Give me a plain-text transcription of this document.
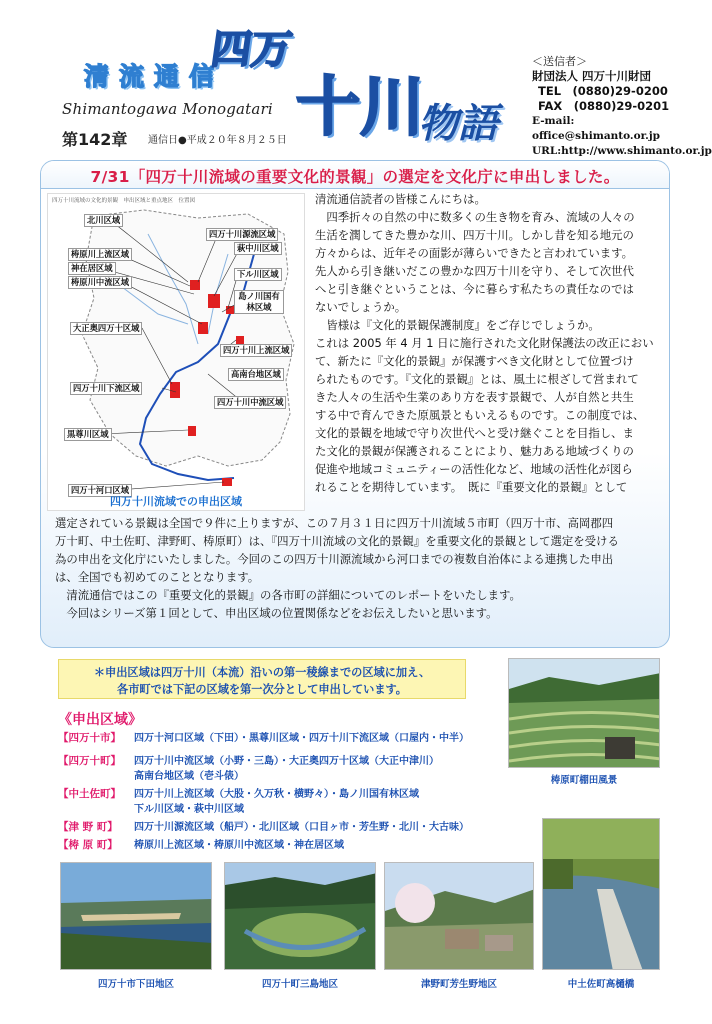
清流通信
Shimantogawa Monogatari
第142章 通信日●平成２０年８月２５日
四万
十川
物語
＜送信者＞
財団法人 四万十川財団
TEL　(0880)29-0200
FAX　(0880)29-0201
E-mail:　office@shimanto.or.jp
URL:http://www.shimanto.or.jp
7/31「四万十川流域の重要文化的景観」の選定を文化庁に申出しました。
四万十川流域の文化的景観　申出区域と重点地区　位置図
北川区域
梼原川上流区域
神在居区域
梼原川中流区域
大正奥四万十区域
四万十川下流区域
黒尊川区域
四万十河口区域
四万十川源流区域
萩中川区域
下ル川区域
島ノ川国有林区域
四万十川上流区域
高南台地区域
四万十川中流区域
四万十川流域での申出区域
清流通信読者の皆様こんにちは。
　四季折々の自然の中に数多くの生き物を育み、流域の人々の
生活を潤してきた豊かな川、四万十川。しかし昔を知る地元の
方々からは、近年その面影が薄らいできたと言われています。
先人から引き継いだこの豊かな四万十川を守り、そして次世代
へと引き継ぐということは、今に暮らす私たちの責任なのでは
ないでしょうか。
　皆様は『文化的景観保護制度』をご存じでしょうか。
これは 2005 年 4 月 1 日に施行された文化財保護法の改正におい
て、新たに『文化的景観』が保護すべき文化財として位置づけ
られたものです。『文化的景観』とは、風土に根ざして営まれて
きた人々の生活や生業のあり方を表す景観で、人が自然と共生
する中で育んできた原風景ともいえるものです。この制度では、
文化的景観を地域で守り次世代へと受け継ぐことを目指し、ま
た文化的景観が保護されることにより、魅力ある地域づくりの
促進や地域コミュニティーの活性化など、地域の活性化が図ら
れることを期待しています。　既に『重要文化的景観』として
選定されている景観は全国で９件に上りますが、この７月３１日に四万十川流域５市町（四万十市、高岡郡四
万十町、中土佐町、津野町、梼原町）は、『四万十川流域の文化的景観』を重要文化的景観として選定を受ける
為の申出を文化庁にいたしました。今回のこの四万十川源流域から河口までの複数自治体による連携した申出
は、全国でも初めてのこととなります。
　清流通信ではこの『重要文化的景観』の各市町の詳細についてのレポートをいたします。
　今回はシリーズ第１回として、申出区域の位置関係などをお伝えしたいと思います。
＊申出区域は四万十川（本流）沿いの第一稜線までの区域に加え、
各市町では下記の区域を第一次分として申出しています。
《申出区域》
【四万十市】 四万十河口区域（下田）・黒尊川区域・四万十川下流区域（口屋内・中半）
【四万十町】 四万十川中流区域（小野・三島）・大正奥四万十区域（大正中津川）
高南台地区域（壱斗俵）
【中土佐町】 四万十川上流区域（大股・久万秋・横野々）・島ノ川国有林区域
下ル川区域・萩中川区域
【津 野 町】 四万十川源流区域（船戸）・北川区域（口目ヶ市・芳生野・北川・大古味）
【梼 原 町】 梼原川上流区域・梼原川中流区域・神在居区域
梼原町棚田風景
中土佐町高樋橋
四万十市下田地区	四万十町三島地区	津野町芳生野地区
